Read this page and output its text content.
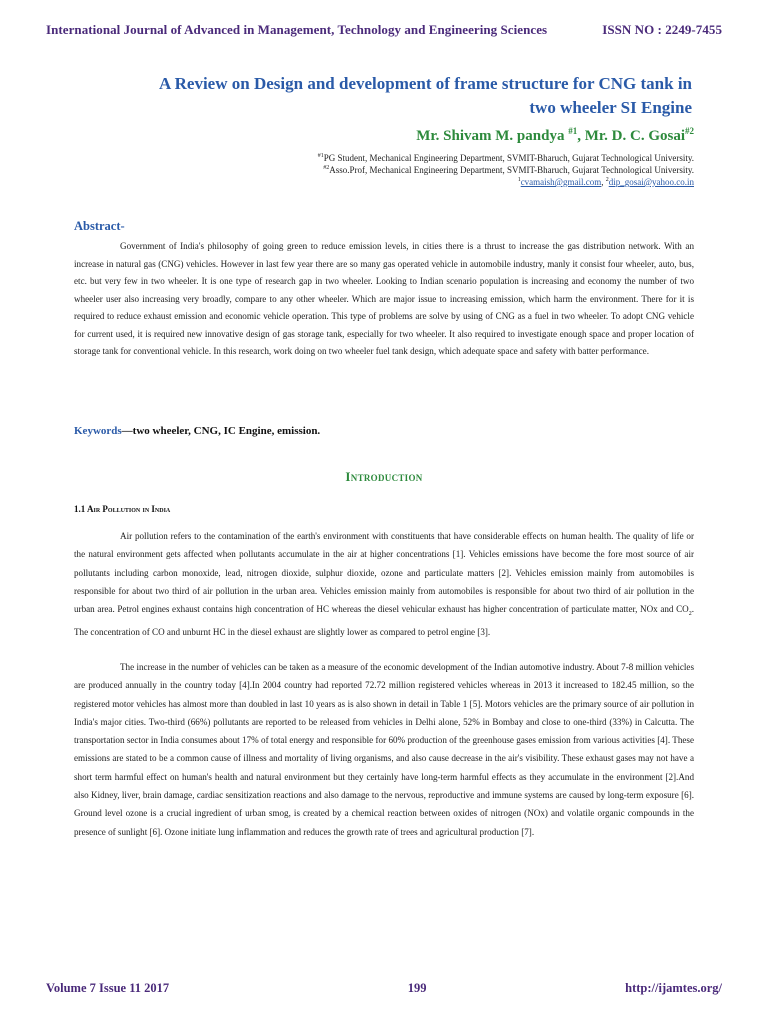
International Journal of Advanced in Management, Technology and Engineering Sciences	ISSN NO : 2249-7455
A Review on Design and development of frame structure for CNG tank in
two wheeler SI Engine
Mr. Shivam M. pandya $^{\#1}$, Mr. D. C. Gosai$^{\#2}$
$^{\#1}$PG Student, Mechanical Engineering Department, SVMIT-Bharuch, Gujarat Technological University.
$^{\#2}$Asso.Prof, Mechanical Engineering Department, SVMIT-Bharuch, Gujarat Technological University.
$^1$cvamaish@gmail.com, $^2$dip_gosai@yahoo.co.in
Abstract-
Government of India's philosophy of going green to reduce emission levels, in cities there is a thrust to increase the gas distribution network. With an increase in natural gas (CNG) vehicles. However in last few year there are so many gas operated vehicle in automobile industry, manly it consist four wheeler, auto, bus, etc. but very few in two wheeler. It is one type of research gap in two wheeler. Looking to Indian scenario population is increasing and economy the number of two wheeler user also increasing very broadly, compare to any other wheeler. Which are major issue to increasing emission, which harm the environment. There for it is required to reduce exhaust emission and economic vehicle operation. This type of problems are solve by using of CNG as a fuel in two wheeler. To adopt CNG vehicle for current used, it is required new innovative design of gas storage tank, especially for two wheeler. It also required to investigate enough space and proper location of storage tank for conventional vehicle. In this research, work doing on two wheeler fuel tank design, which adequate space and safety with batter performance.
Keywords—two wheeler, CNG, IC Engine, emission.
Introduction
1.1 Air Pollution in India
Air pollution refers to the contamination of the earth's environment with constituents that have considerable effects on human health. The quality of life or the natural environment gets affected when pollutants accumulate in the air at higher concentrations [1]. Vehicles emissions have become the fore most source of air pollutants including carbon monoxide, lead, nitrogen dioxide, sulphur dioxide, ozone and particulate matters [2]. Vehicles emission mainly from automobiles is responsible for about two third of air pollution in the urban area. Vehicles emission mainly from automobiles is responsible for about two third of air pollution in the urban area. Petrol engines exhaust contains high concentration of HC whereas the diesel vehicular exhaust has higher concentration of particulate matter, NOx and $CO_2$. The concentration of CO and unburnt HC in the diesel exhaust are slightly lower as compared to petrol engine [3].
The increase in the number of vehicles can be taken as a measure of the economic development of the Indian automotive industry. About 7-8 million vehicles are produced annually in the country today [4].In 2004 country had reported 72.72 million registered vehicles whereas in 2013 it increased to 182.45 million, so the registered motor vehicles has almost more than doubled in last 10 years as is also shown in detail in Table 1 [5]. Motors vehicles are the primary source of air pollution in India's major cities. Two-third (66%) pollutants are reported to be released from vehicles in Delhi alone, 52% in Bombay and close to one-third (33%) in Calcutta. The transportation sector in India consumes about 17% of total energy and responsible for 60% production of the greenhouse gases emission from various activities [4]. These emissions are stated to be a common cause of illness and mortality of living organisms, and also cause decrease in the air's visibility. These exhaust gases may not have a short term harmful effect on human's health and natural environment but they certainly have long-term harmful effects as they accumulate in the environment [2].And also Kidney, liver, brain damage, cardiac sensitization reactions and also damage to the nervous, reproductive and immune systems are caused by long-term exposure [6]. Ground level ozone is a crucial ingredient of urban smog, is created by a chemical reaction between oxides of nitrogen (NOx) and volatile organic compounds in the presence of sunlight [6]. Ozone initiate lung inflammation and reduces the growth rate of trees and agricultural production [7].
Volume 7 Issue 11 2017	199	http://ijamtes.org/
